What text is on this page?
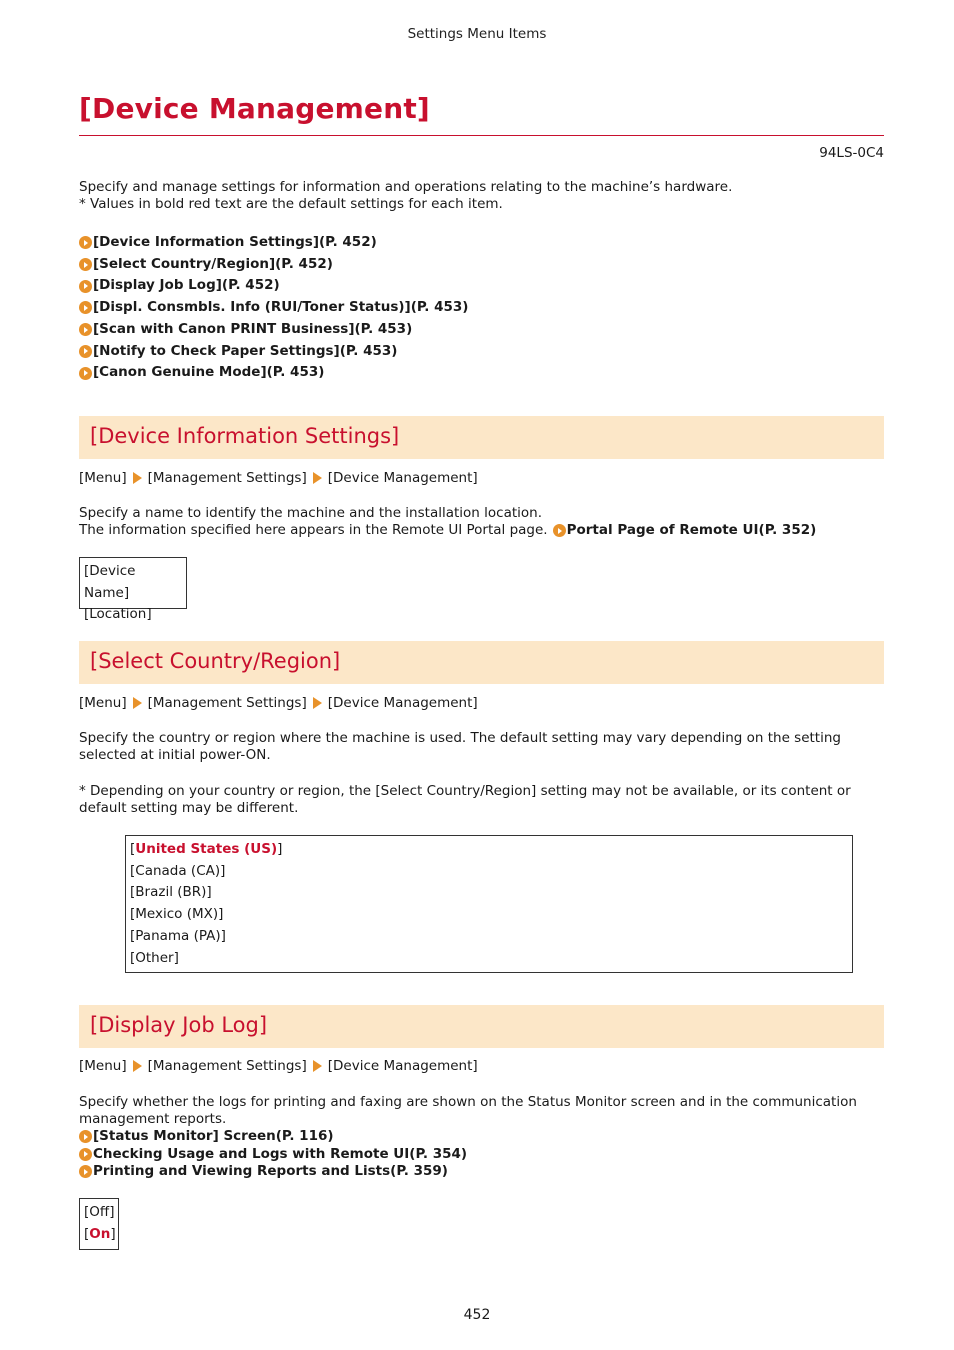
Settings Menu Items
[Device Management]
94LS-0C4

Specify and manage settings for information and operations relating to the machine’s hardware.

* Values in bold red text are the default settings for each item.

[Device Information Settings](P. 452)
[Select Country/Region](P. 452)
[Display Job Log](P. 452)
[Displ. Consmbls. Info (RUI/Toner Status)](P. 453)
[Scan with Canon PRINT Business](P. 453)
[Notify to Check Paper Settings](P. 453)
[Canon Genuine Mode](P. 453)
[Device Information Settings]
[Menu] [Management Settings] [Device Management]

Specify a name to identify the machine and the installation location.

The information specified here appears in the Remote UI Portal page. Portal Page of Remote UI(P. 352)

[Device Name]
[Location]
[Select Country/Region]
[Menu] [Management Settings] [Device Management]

Specify the country or region where the machine is used. The default setting may vary depending on the setting selected at initial power-ON.

* Depending on your country or region, the [Select Country/Region] setting may not be available, or its content or default setting may be different.

[United States (US)]
[Canada (CA)]
[Brazil (BR)]
[Mexico (MX)]
[Panama (PA)]
[Other]
[Display Job Log]
[Menu] [Management Settings] [Device Management]

Specify whether the logs for printing and faxing are shown on the Status Monitor screen and in the communication management reports.

[Status Monitor] Screen(P. 116)
Checking Usage and Logs with Remote UI(P. 354)
Printing and Viewing Reports and Lists(P. 359)
[Off]
[On]
452
